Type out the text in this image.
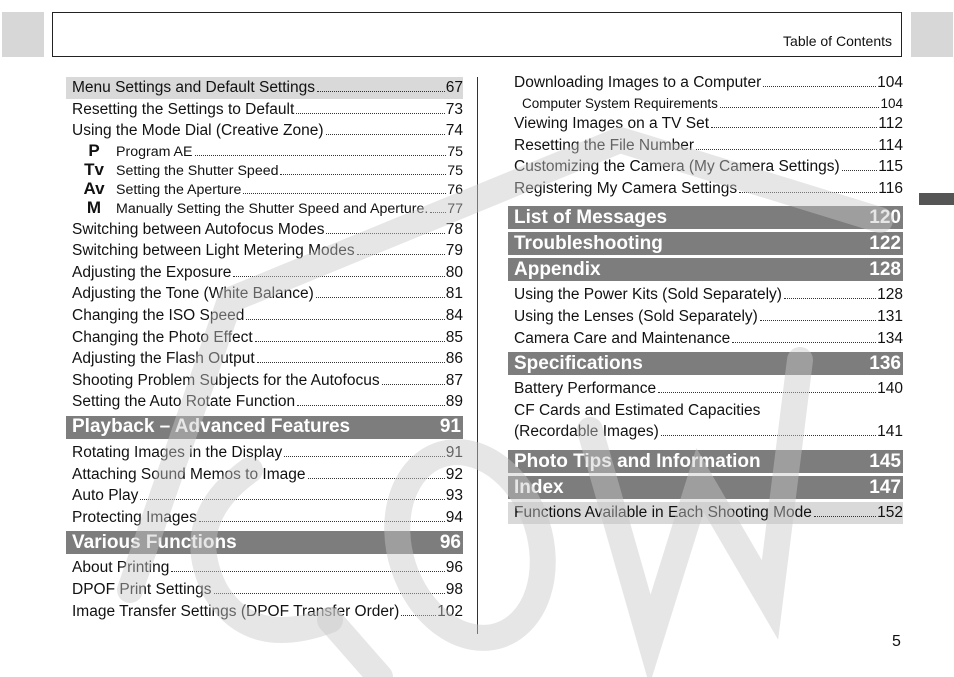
Table of Contents
Menu Settings and Default Settings	67
Resetting the Settings to Default	73
Using the Mode Dial (Creative Zone)	74
P	Program AE	75
Tv Setting the Shutter Speed	75
Av Setting the Aperture	76
M	Manually Setting the Shutter Speed and Aperture. 77
Switching between Autofocus Modes	78
Switching between Light Metering Modes	79
Adjusting the Exposure	80
Adjusting the Tone (White Balance)	81
Changing the ISO Speed	84
Changing the Photo Effect	85
Adjusting the Flash Output	86
Shooting Problem Subjects for the Autofocus	87
Setting the Auto Rotate Function	89
Playback – Advanced Features	91
Rotating Images in the Display	91
Attaching Sound Memos to Image	92
Auto Play	93
Protecting Images	94
Various Functions	96
About Printing	96
DPOF Print Settings	98
Image Transfer Settings (DPOF Transfer Order) 102
Downloading Images to a Computer	104
Computer System Requirements	104
Viewing Images on a TV Set	112
Resetting the File Number	114
Customizing the Camera (My Camera Settings) 115
Registering My Camera Settings	116
List of Messages	120
Troubleshooting	122
Appendix	128
Using the Power Kits (Sold Separately)	128
Using the Lenses (Sold Separately)	131
Camera Care and Maintenance	134
Specifications	136
Battery Performance	140
CF Cards and Estimated Capacities
(Recordable Images)	141
Photo Tips and Information	145
Index	147
Functions Available in Each Shooting Mode	152
5
